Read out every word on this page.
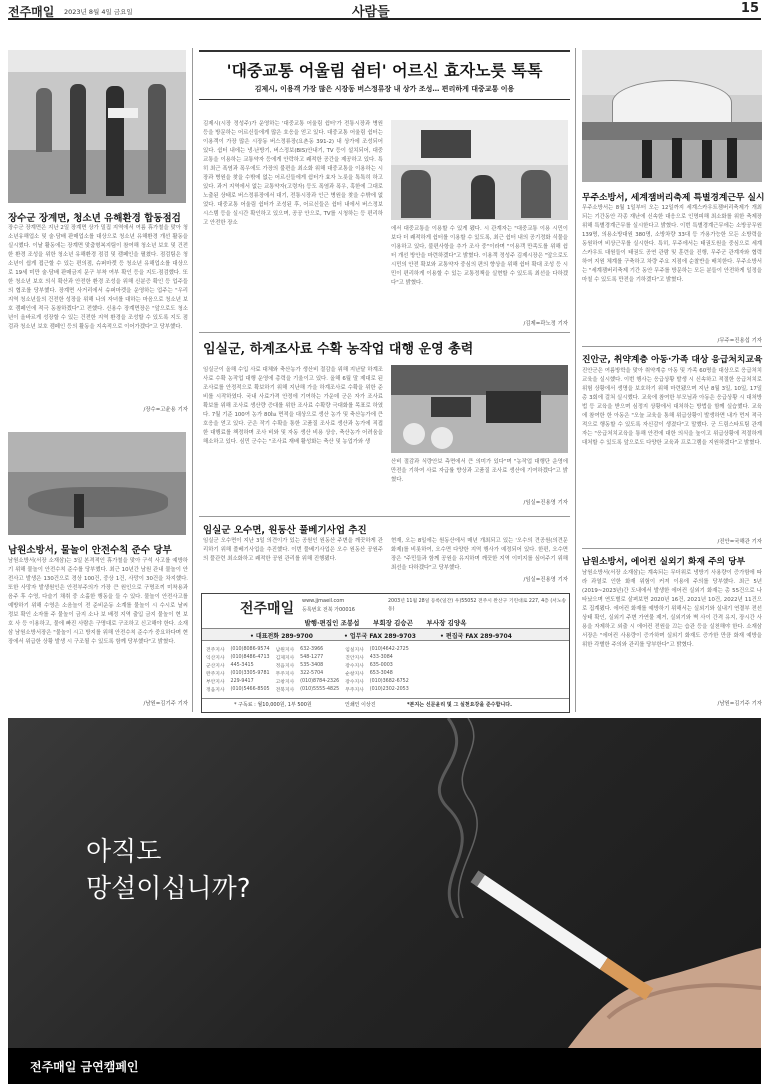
전주매일 2023년 8월 4일 금요일	사람들	15
장수군 장계면, 청소년 유해환경 합동점검
장수군 장계면은 지난 2일 장계면 상가 밀집 지역에서 여름 휴가철을 맞아 청소년유해업소 및 술·담배 판매업소를 대상으로 청소년 유해환경 개선 활동을 실시했다. 이날 활동에는 장계면 맞춤형복지팀이 참여해 청소년 보호 및 건전한 환경 조성을 위한 청소년 유해환경 점검 및 캠페인을 펼쳤다. 점검팀은 청소년이 쉽게 접근할 수 있는 편의점, 슈퍼마켓 등 청소년 유해업소를 대상으로 19세 미만 술·담배 판매금지 문구 부착 여부 확인 등을 지도·점검했다. 또한 청소년 보호 의식 확산과 안전한 환경 조성을 위해 신분증 확인 등 업주들의 협조를 당부했다. 장계면 사거리에서 슈퍼마켓을 운영하는 업주는 "우리 지역 청소년들의 건전한 성장을 위해 나의 자녀를 대하는 마음으로 청소년 보호 캠페인에 적극 동참하겠다"고 전했다. 신용수 장계면장은 "앞으로도 청소년이 올바르게 성장할 수 있는 건전한 지역 환경을 조성할 수 있도록 지도 점검과 청소년 보호 캠페인 등의 활동을 지속적으로 이어가겠다"고 당부했다.
/장수=고윤용 기자
남원소방서, 물놀이 안전수칙 준수 당부
남원소방서(서장 소재삼)는 3일 본격적인 휴가철을 맞아 구석 사고를 예방하기 위해 물놀이 안전수칙 준수를 당부했다. 최근 10년간 남원 관내 물놀이 안전사고 발생은 130건으로 경상 100건, 중상 1건, 사망이 30건을 차지했다. 또한 사망자 발생원인은 안전부주의가 가장 큰 원인으로 구명조끼 미착용과 음주 후 수영, 다슬기 채취 중 소홀한 행동을 들 수 있다. 물놀이 안전사고를 예방하기 위해 수영은 소음놀이 전 준비운동 소계를 물놀이 시 수시로 날씨 정보 확인 소자를 주 물놀이 금지 소나 보 배정 지역 출입 금지 물놀이 현 보호 사 등 이용하고, 물에 빠진 사람은 구명대로 구조하고 신고해야 한다. 소재삼 남원소방서장은 "물놀이 시고 방지를 위해 안전수칙 준수가 중요하다며 현장에서 위급한 상황 발생 시 구조될 수 있도록 함께 당부했다"고 밝혔다.
/남원=김기주 기자
'대중교통 어울림 쉼터' 어르신 효자노릇 톡톡
김제시, 이용객 가장 많은 시장동 버스정류장 내 상가 조성… 편리하게 대중교통 이용
김제시(시장 정성주)가 운영하는 '대중교통 어울림 쉼터'가 전통시장과 병원 등을 방문하는 어르신들에게 많은 호응을 얻고 있다. 대중교통 어울림 쉼터는 이용객이 가장 많은 시장동 버스정류장(요촌동 391-2) 내 상가에 조성되어 있다. 쉼터 내에는 냉·난방기, 버스정보(BIS)안내기, TV 등이 설치되어, 대중교통을 이용하는 교통약자 등에게 안락하고 쾌적한 공간을 제공하고 있다. 특히 최근 폭염과 폭우에도 가장의 불편을 최소화 위해 대중교통을 이용하는 시장과 병원을 찾을 수밖에 없는 어르신들에게 쉼터가 효자 노릇을 톡톡히 하고 있다. 과거 지역에서 없는 교통약자(고령자) 등도 폭염과 폭우, 혹한에 그대로 노출된 상태로 버스정류장에서 대기, 전통시장과 인근 병원을 찾을 수밖에 없었다. 대중교통 어울림 쉼터가 조성된 후, 어르신들은 쉼터 내에서 버스정보시스템 등을 실시간 확인하고 있으며, 공공 안으로, TV를 시청하는 등 편리하고 안전한 장소
에서 대중교통을 이용할 수 있게 됐다. 시 관계자는 "대중교통 이용 시민이 보다 더 쾌적하게 쉼터를 이용할 수 있도록, 최근 쉼터 내의 공기정화 식물을 이용하고 있다, 불편사항을 추가 조사 중"이라며 "이용객 만족도를 위해 쉼터 개선 방안을 마련하겠다"고 밝혔다. 이용객 정성주 김제시장은 "앞으로도 시민의 안전 확보와 교통약자 중심의 편의 향상을 위해 쉼터 확대 조성 등 시민이 편리하게 이용할 수 있는 교통정책을 실현할 수 있도록 최선을 다하겠다"고 밝혔다.
/김제=곽노정 기자
임실군, 하계조사료 수확 농작업 대행 운영 총력
임실군이 올해 수입 사료 대체와 축산농가 생산비 절감을 위해 지난달 하계조사료 수확 농작업 대행 운영에 총력을 기울이고 있다. 올해 6월 말 제대로 된 조사료를 안정적으로 확보하기 위해 지난해 가을 하계조사료 수확을 위한 준비를 시작하였다. 국내 사료가격 안정에 기여하는 가운데 군은 자가 조사료 확보를 위해 조사료 생산량 증대를 위한 조사료 수확량 극대화를 목표로 하였다. 7월 기준 100여 농가 80㏊ 면적을 대상으로 생산 농가 및 축산농가에 큰 호응을 얻고 있다. 군은 작기 수확을 통한 고품질 조사료 생산과 농가에 직접한 대행료를 책정하며 조사 비와 및 자동 생산 비용 상승, 축산농가 어려움을 해소하고 있다. 심민 군수는 "조사료 재배 활성화는 축산 및 농업가와 생
산비 절감과 식량안보 측면에서 큰 의미가 있다"며 "농작업 대행단 운영에 만전을 기하여 사료 자급률 향상과 고품질 조사료 생산에 기여하겠다"고 밝혔다.
/임실=진용영 기자
임실군 오수면, 원동산 풀베기사업 추진
임실군 오수면이 지난 3일 의견이가 있는 공원인 원동산 주변을 깨끗하게 관리하기 위해 풀베기사업을 추진했다. 이번 풀베기사업은 오수 원동산 공원주의 풀관련 최소화하고 쾌적한 공원 관리를 위해 진행됐다.
현재, 오는 8일에는 원동산에서 매년 개최되고 있는 '오수의 견공원(의견문화제)를 비롯하여, 오수면 다양한 지역 행사가 예정되어 있다. 한편, 오수면장은 "주민들과 함께 공원을 유지하며 깨끗한 지역 이미지를 심어주기 위해 최선을 다하겠다"고 당부했다.
/임실=진용영 기자
전주매일 www.jjmaeil.com
등록번호 전북 가00016
2003년 11월 28일 등록(일간) 우)55052 전주시 완산구 기린대로 227, 4층 (서노송동)
발행·편집인 조봉섭      부회장 김승곤      부사장 김양옥
• 대표전화 289-9700	• 업무국 FAX 289-9703	• 편집국 FAX 289-9704
전주지사	(010)8086-9574	남원지사	632-3966	임실지사	(010)4642-2725
익산지사	(010)8486-4713	김제지사	548-1277	진안지사	433-3084
군산지사	445-3415	정읍지사	535-3408	장수지사	635-0003
완주지사	(010)3305-9781	무주지사	322-5704	순창지사	653-3048
부안지사	229-9417	고창지사	(010)8784-2326	장수지사	(010)3682-6752
정읍지사	(010)5466-8505	전북지사	(010)5555-4825	무주지사	(010)2302-2053
* 구독료 : 월10,000원, 1부 500원	인쇄인 이상진	*본지는 신문윤리 및 그 실천요강을 준수합니다.
무주소방서, 세계잼버리축제 특별경계근무 실시
무주소방서는 8월 1일부터 오는 12일까지 세계스카우트잼버리축제가 개최되는 기간동안 각종 재난에 신속한 대응으로 인명피해 최소화를 위한 축제장 위해 특별경계근무를 실시한다고 밝혔다. 이번 특별경계근무에는 소방공무원 139명, 의용소방대원 380명, 소방차량 33대 등 가용가능한 모든 소방력을 동원하여 비상근무를 실시한다. 특히, 무주에서는 태권도원을 중심으로 세계스카우트 대원들이 태권도 공연 관람 및 훈련을 진행, 무주군 관계자와 협력하여 지원 체계를 구축하고 차량 주요 지점에 순찰반을 배치한다. 무주소방서는 "세계잼버리축제 기간 동안 무주를 방문하는 모든 분들이 안전하게 일정을 마칠 수 있도록 만전을 기하겠다"고 밝혔다.
/무주=진용섭 기자
진안군, 취약계층 아동·가족 대상 응급처치교육
진안군은 여름방학을 맞아 취약계층 아동 및 가족 60명을 대상으로 응급처치 교육을 실시했다. 이번 행사는 응급상황 발생 시 신속하고 적절한 응급처치로 위험 상황에서 생명을 보호하기 위해 마련됐으며 지난 8월 3일, 10일, 17일 총 3회에 걸쳐 실시했다. 교육에 참여한 부모님과 아동은 응급상황 시 대처방법 등 교육을 받으며 심정지 상황에서 대처하는 방법을 함께 실습했다. 교육에 참여한 한 아동은 "오늘 교육을 통해 위급상황이 발생하면 내가 먼저 적극적으로 행동할 수 있도록 자신감이 생겼다"고 말했다. 군 드림스타트팀 관계자는 "응급처치교육을 통해 안전에 대한 의식을 높이고 위급상황에 적절하게 대처할 수 있도록 앞으로도 다양한 교육과 프로그램을 지원하겠다"고 밝혔다.
/진안=국해관 기자
남원소방서, 에어컨 실외기 화재 주의 당부
남원소방서(서장 소재삼)는 계속되는 무더위로 냉방기 사용량이 증가함에 따라 과열로 인한 화재 위험이 커져 이용에 주의를 당부했다. 최근 5년(2019~2023년)간 도내에서 발생한 에어컨 실외기 화재는 총 55건으로 나타났으며 연도별로 살펴보면 2020년 16건, 2021년 10건, 2022년 11건으로 집계됐다. 에어컨 화재를 예방하기 위해서는 실외기와 실내기 연결부 전선 상태 확인, 실외기 주변 가연물 제거, 실외기와 벽 사이 간격 유지, 장시간 사용을 자제하고 외출 시 에어컨 전원을 끄는 습관 등을 실천해야 한다. 소재삼 서장은 "에어컨 사용량이 증가하며 실외기 화재도 증가한 만큼 화재 예방을 위한 각별한 주의와 관리를 당부한다"고 밝혔다.
/남원=김기주 기자
아직도
망설이십니까?
전주매일 금연캠페인
